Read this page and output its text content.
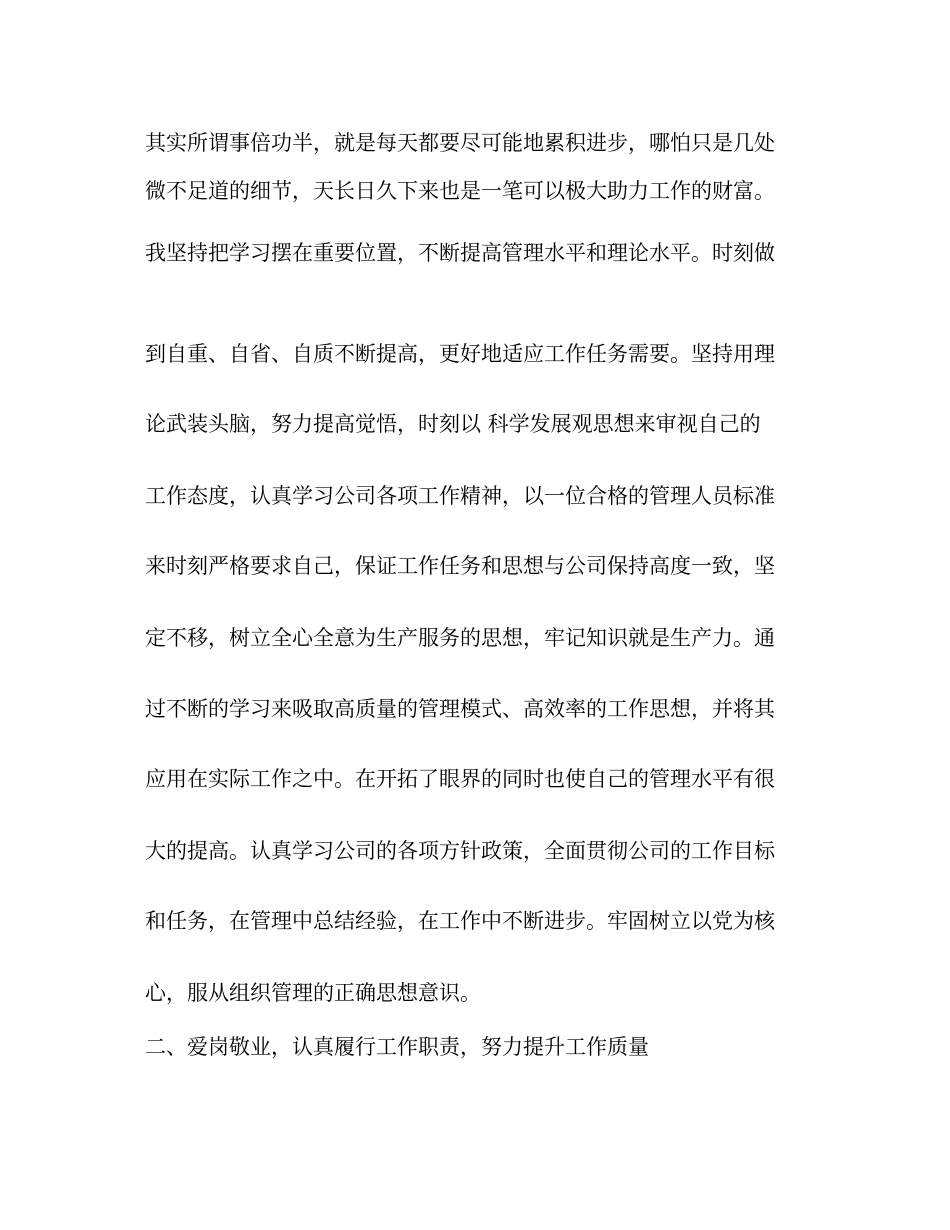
其实所谓事倍功半，就是每天都要尽可能地累积进步，哪怕只是几处
微不足道的细节，天长日久下来也是一笔可以极大助力工作的财富。
我坚持把学习摆在重要位置，不断提高管理水平和理论水平。时刻做
到自重、自省、自质不断提高，更好地适应工作任务需要。坚持用理
论武装头脑，努力提高觉悟，时刻以 科学发展观思想来审视自己的
工作态度，认真学习公司各项工作精神，以一位合格的管理人员标准
来时刻严格要求自己，保证工作任务和思想与公司保持高度一致，坚
定不移，树立全心全意为生产服务的思想，牢记知识就是生产力。通
过不断的学习来吸取高质量的管理模式、高效率的工作思想，并将其
应用在实际工作之中。在开拓了眼界的同时也使自己的管理水平有很
大的提高。认真学习公司的各项方针政策，全面贯彻公司的工作目标
和任务，在管理中总结经验，在工作中不断进步。牢固树立以党为核
心，服从组织管理的正确思想意识。
二、爱岗敬业，认真履行工作职责，努力提升工作质量
